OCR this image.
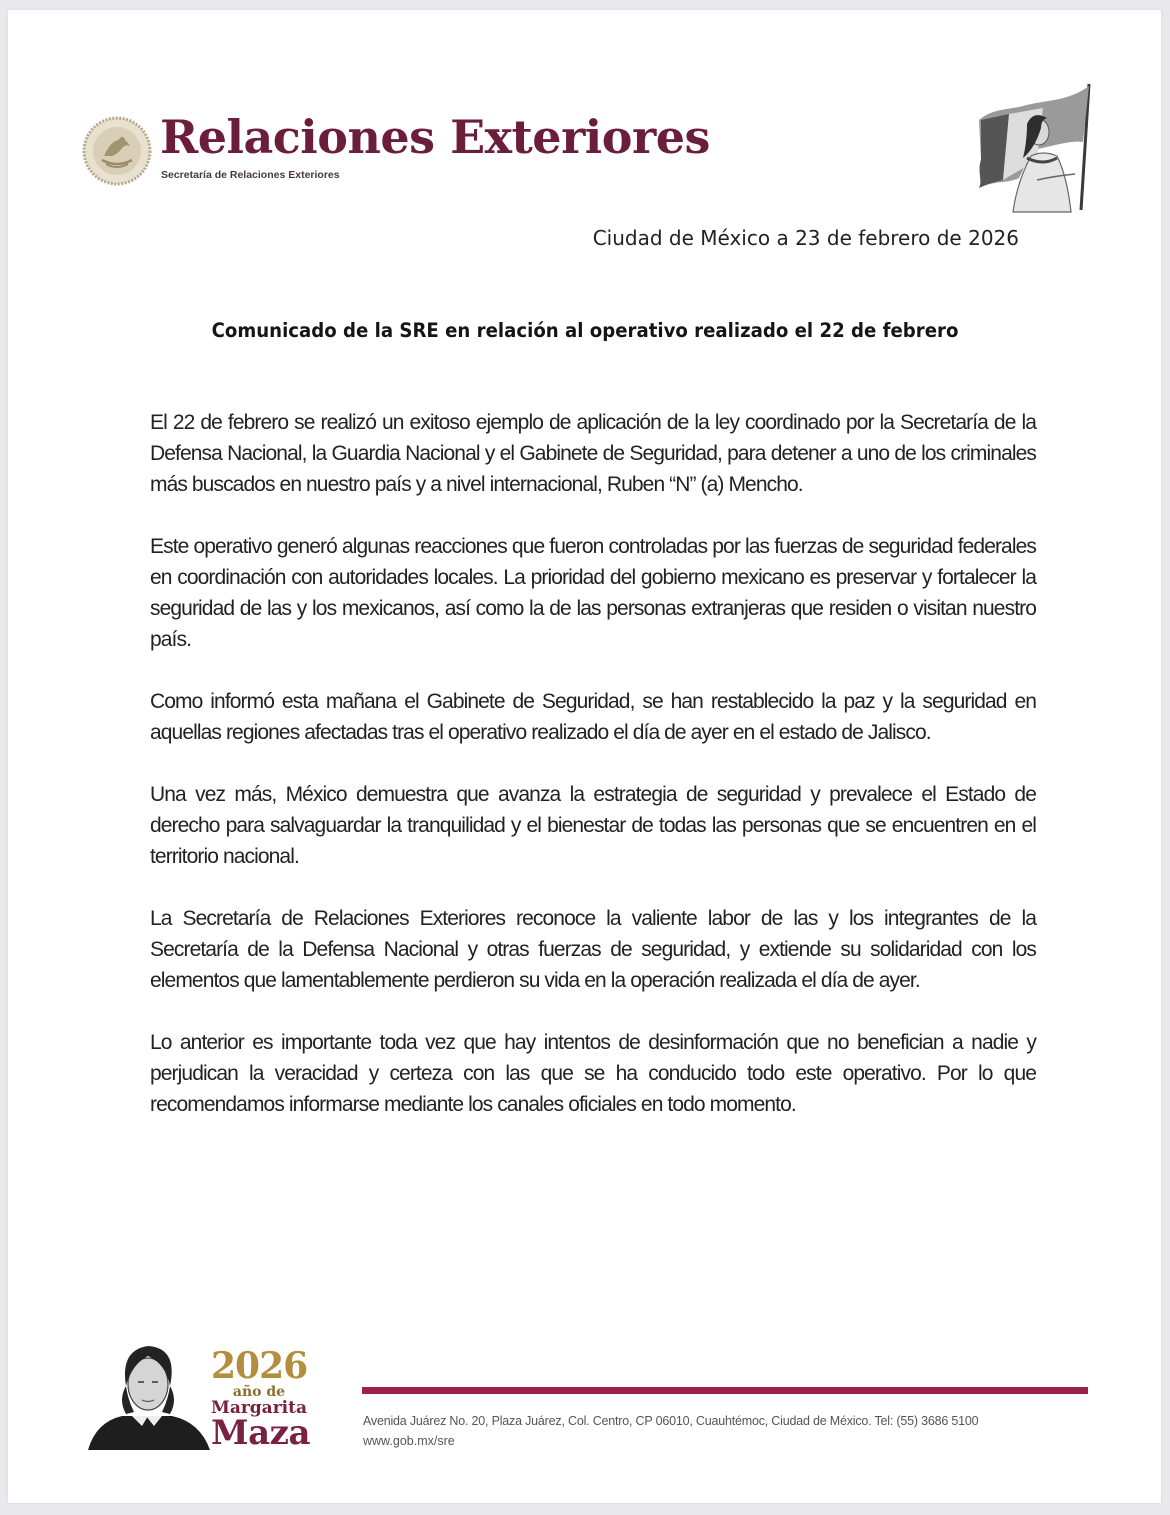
Relaciones Exteriores
Secretaría de Relaciones Exteriores
Ciudad de México a 23 de febrero de 2026
Comunicado de la SRE en relación al operativo realizado el 22 de febrero

El 22 de febrero se realizó un exitoso ejemplo de aplicación de la ley coordinado por la Secretaría de la Defensa Nacional, la Guardia Nacional y el Gabinete de Seguridad, para detener a uno de los criminales más buscados en nuestro país y a nivel internacional, Ruben “N” (a) Mencho.

Este operativo generó algunas reacciones que fueron controladas por las fuerzas de seguridad federales en coordinación con autoridades locales. La prioridad del gobierno mexicano es preservar y fortalecer la seguridad de las y los mexicanos, así como la de las personas extranjeras que residen o visitan nuestro país.

Como informó esta mañana el Gabinete de Seguridad, se han restablecido la paz y la seguridad en aquellas regiones afectadas tras el operativo realizado el día de ayer en el estado de Jalisco.

Una vez más, México demuestra que avanza la estrategia de seguridad y prevalece el Estado de derecho para salvaguardar la tranquilidad y el bienestar de todas las personas que se encuentren en el territorio nacional.

La Secretaría de Relaciones Exteriores reconoce la valiente labor de las y los integrantes de la Secretaría de la Defensa Nacional y otras fuerzas de seguridad, y extiende su solidaridad con los elementos que lamentablemente perdieron su vida en la operación realizada el día de ayer.

Lo anterior es importante toda vez que hay intentos de desinformación que no benefician a nadie y perjudican la veracidad y certeza con las que se ha conducido todo este operativo. Por lo que recomendamos informarse mediante los canales oficiales en todo momento.

2026
año de
Margarita
Maza	Avenida Juárez No. 20, Plaza Juárez, Col. Centro, CP 06010, Cuauhtémoc, Ciudad de México. Tel: (55) 3686 5100
www.gob.mx/sre
